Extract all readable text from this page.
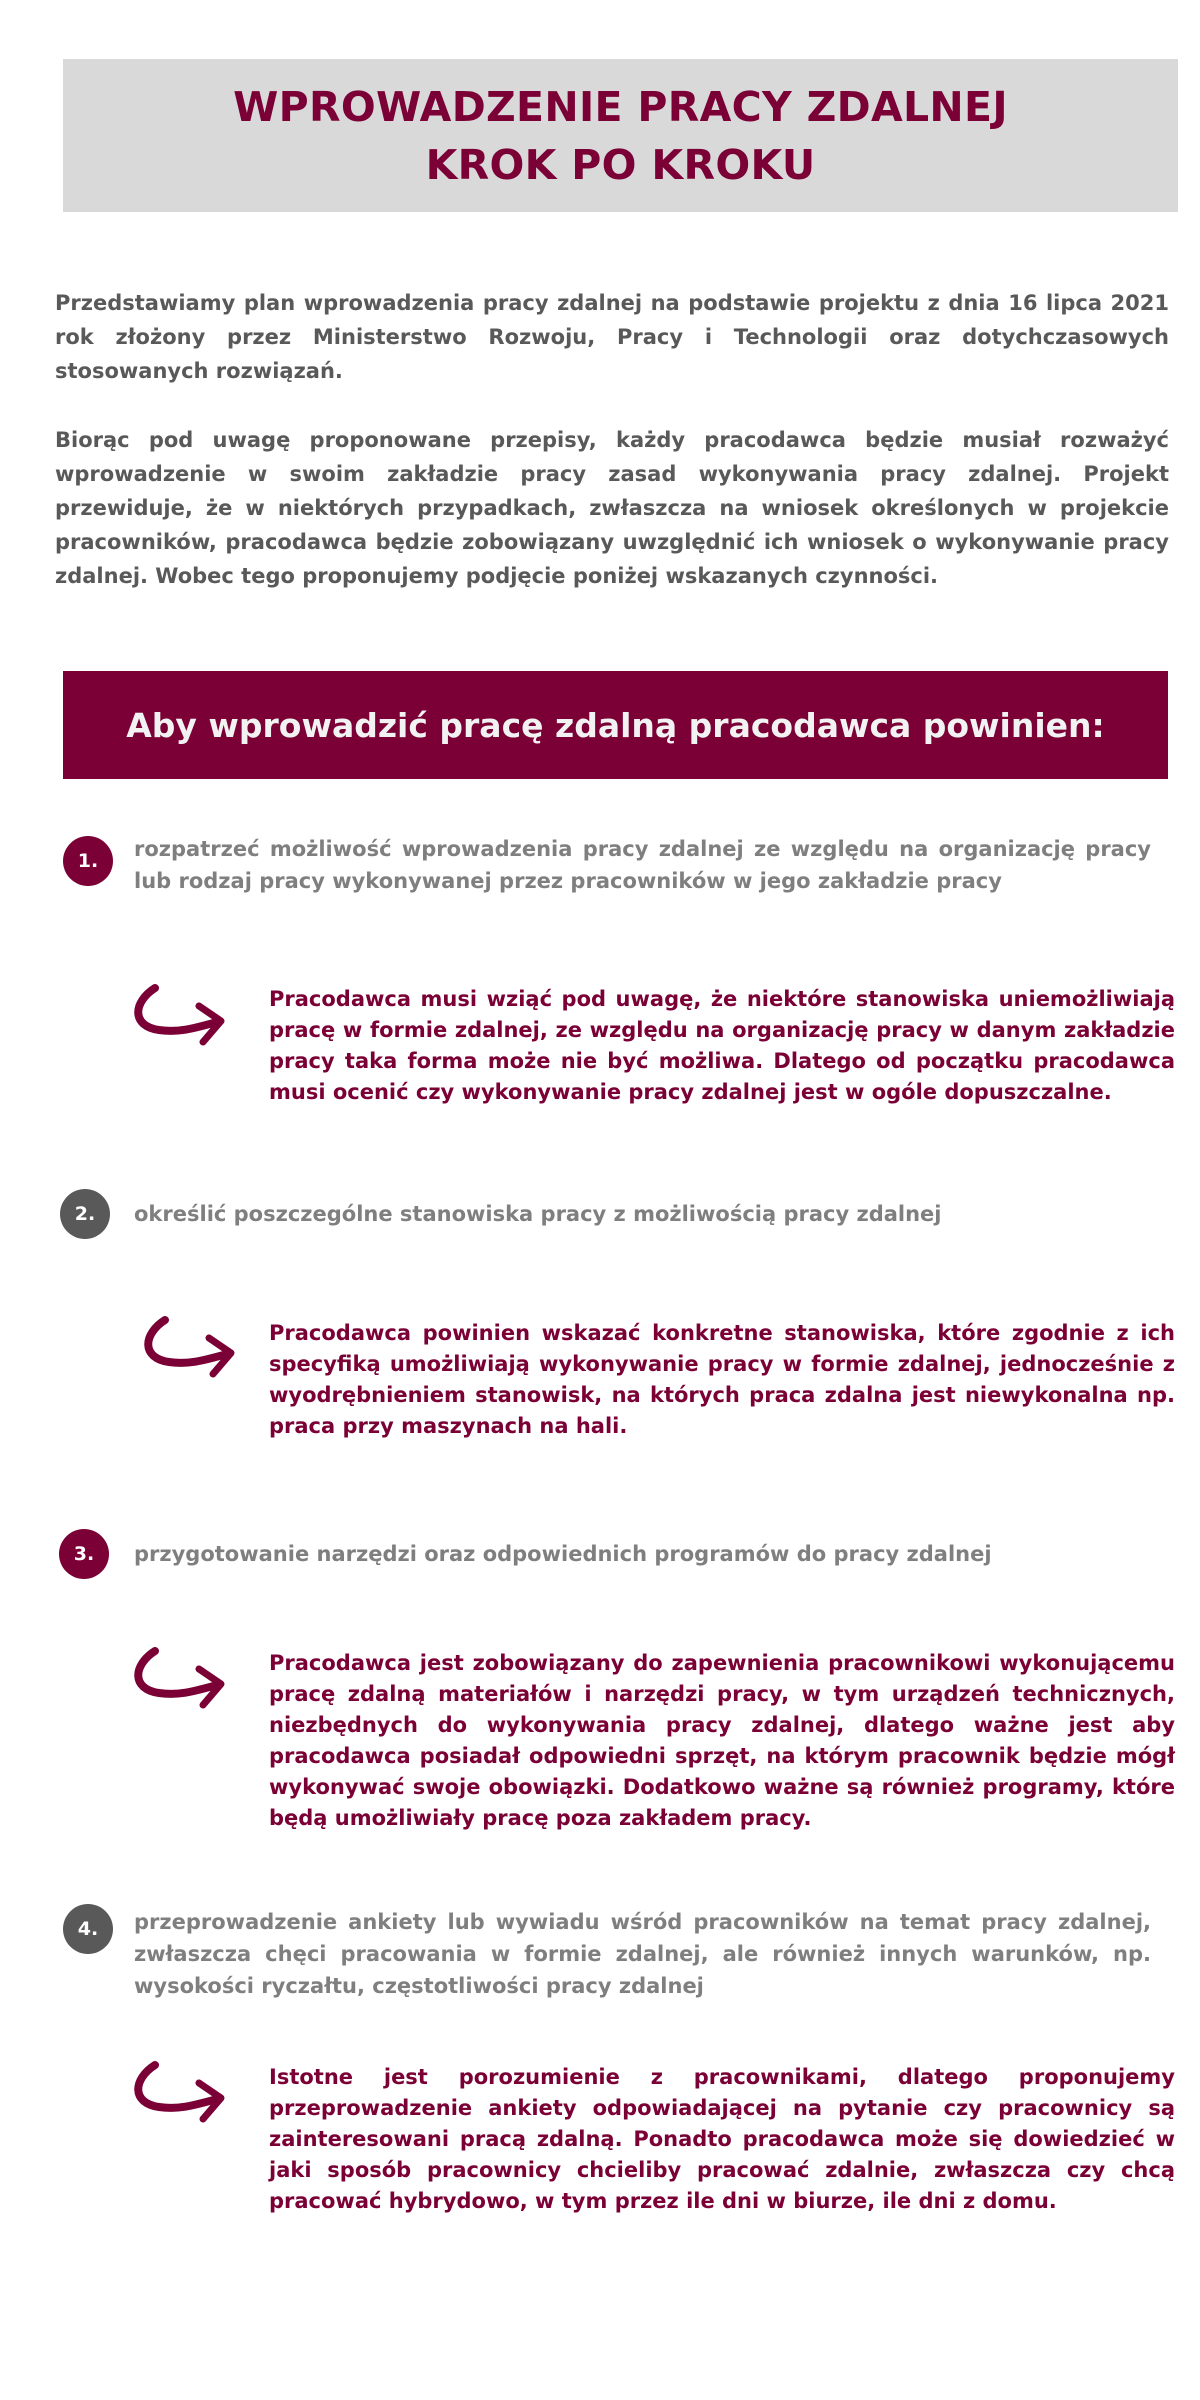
WPROWADZENIE PRACY ZDALNEJ
KROK PO KROKU

Przedstawiamy plan wprowadzenia pracy zdalnej na podstawie projektu z dnia 16 lipca 2021 rok złożony przez Ministerstwo Rozwoju, Pracy i Technologii oraz dotychczasowych stosowanych rozwiązań.

Biorąc pod uwagę proponowane przepisy, każdy pracodawca będzie musiał rozważyć wprowadzenie w swoim zakładzie pracy zasad wykonywania pracy zdalnej. Projekt przewiduje, że w niektórych przypadkach, zwłaszcza na wniosek określonych w projekcie pracowników, pracodawca będzie zobowiązany uwzględnić ich wniosek o wykonywanie pracy zdalnej. Wobec tego proponujemy podjęcie poniżej wskazanych czynności.

Aby wprowadzić pracę zdalną pracodawca powinien:
1.	rozpatrzeć możliwość wprowadzenia pracy zdalnej ze względu na organizację pracy lub rodzaj pracy wykonywanej przez pracowników w jego zakładzie pracy

Pracodawca musi wziąć pod uwagę, że niektóre stanowiska uniemożliwiają pracę w formie zdalnej, ze względu na organizację pracy w danym zakładzie pracy taka forma może nie być możliwa. Dlatego od początku pracodawca musi ocenić czy wykonywanie pracy zdalnej jest w ogóle dopuszczalne.

2.	określić poszczególne stanowiska pracy z możliwością pracy zdalnej

Pracodawca powinien wskazać konkretne stanowiska, które zgodnie z ich specyfiką umożliwiają wykonywanie pracy w formie zdalnej, jednocześnie z wyodrębnieniem stanowisk, na których praca zdalna jest niewykonalna np. praca przy maszynach na hali.

3.	przygotowanie narzędzi oraz odpowiednich programów do pracy zdalnej

Pracodawca jest zobowiązany do zapewnienia pracownikowi wykonującemu pracę zdalną materiałów i narzędzi pracy, w tym urządzeń technicznych, niezbędnych do wykonywania pracy zdalnej, dlatego ważne jest aby pracodawca posiadał odpowiedni sprzęt, na którym pracownik będzie mógł wykonywać swoje obowiązki. Dodatkowo ważne są również programy, które będą umożliwiały pracę poza zakładem pracy.

4.	przeprowadzenie ankiety lub wywiadu wśród pracowników na temat pracy zdalnej, zwłaszcza chęci pracowania w formie zdalnej, ale również innych warunków, np. wysokości ryczałtu, częstotliwości pracy zdalnej

Istotne jest porozumienie z pracownikami, dlatego proponujemy przeprowadzenie ankiety odpowiadającej na pytanie czy pracownicy są zainteresowani pracą zdalną. Ponadto pracodawca może się dowiedzieć w jaki sposób pracownicy chcieliby pracować zdalnie, zwłaszcza czy chcą pracować hybrydowo, w tym przez ile dni w biurze, ile dni z domu.
